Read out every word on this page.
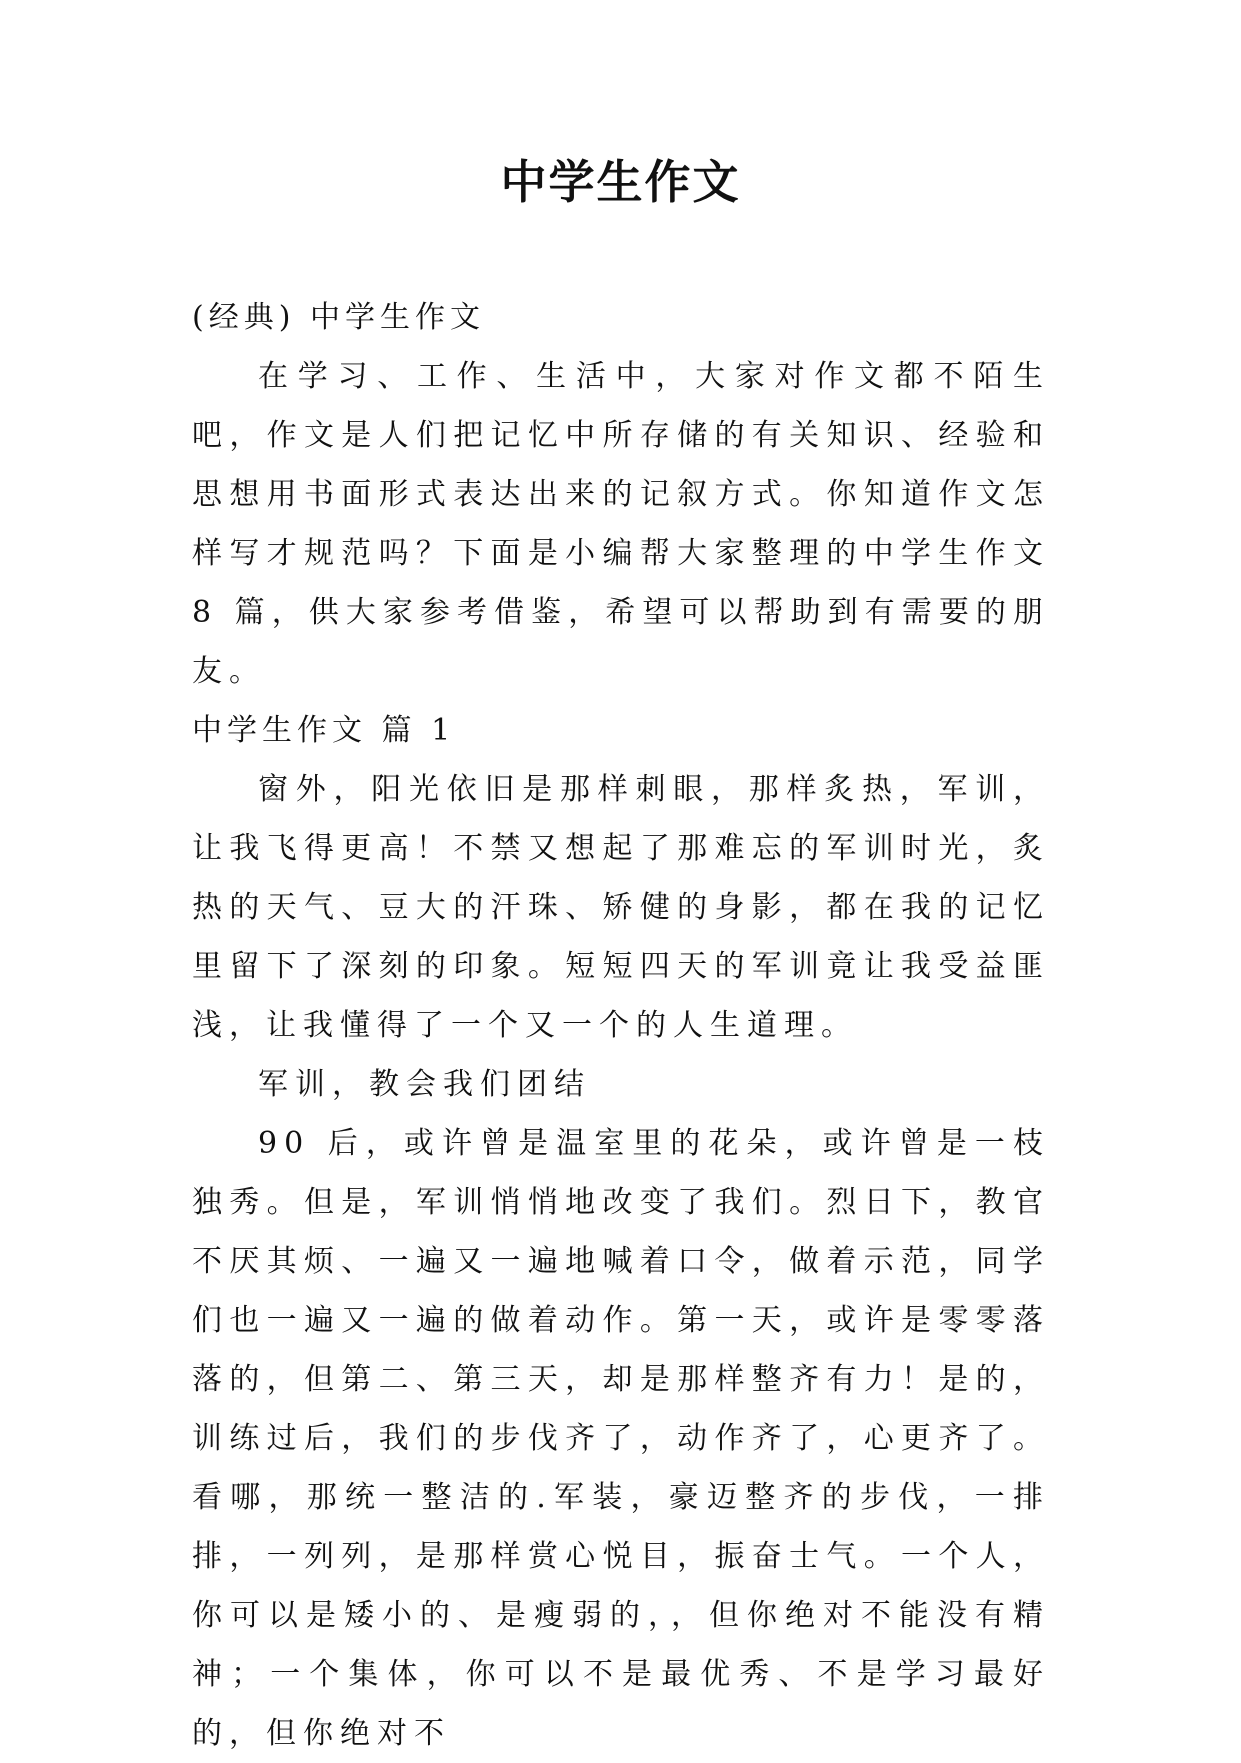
中学生作文

(经典) 中学生作文

在学习、工作、生活中，大家对作文都不陌生吧，作文是人们把记忆中所存储的有关知识、经验和思想用书面形式表达出来的记叙方式。你知道作文怎样写才规范吗？下面是小编帮大家整理的中学生作文 8 篇，供大家参考借鉴，希望可以帮助到有需要的朋友。

中学生作文 篇 1

窗外，阳光依旧是那样刺眼，那样炙热，军训，让我飞得更高！不禁又想起了那难忘的军训时光，炙热的天气、豆大的汗珠、矫健的身影，都在我的记忆里留下了深刻的印象。短短四天的军训竟让我受益匪浅，让我懂得了一个又一个的人生道理。

军训，教会我们团结

90 后，或许曾是温室里的花朵，或许曾是一枝独秀。但是，军训悄悄地改变了我们。烈日下，教官不厌其烦、一遍又一遍地喊着口令，做着示范，同学们也一遍又一遍的做着动作。第一天，或许是零零落落的，但第二、第三天，却是那样整齐有力！是的，训练过后，我们的步伐齐了，动作齐了，心更齐了。看哪，那统一整洁的.军装，豪迈整齐的步伐，一排排，一列列，是那样赏心悦目，振奋士气。一个人，你可以是矮小的、是瘦弱的，，但你绝对不能没有精神；一个集体，你可以不是最优秀、不是学习最好的，但你绝对不
